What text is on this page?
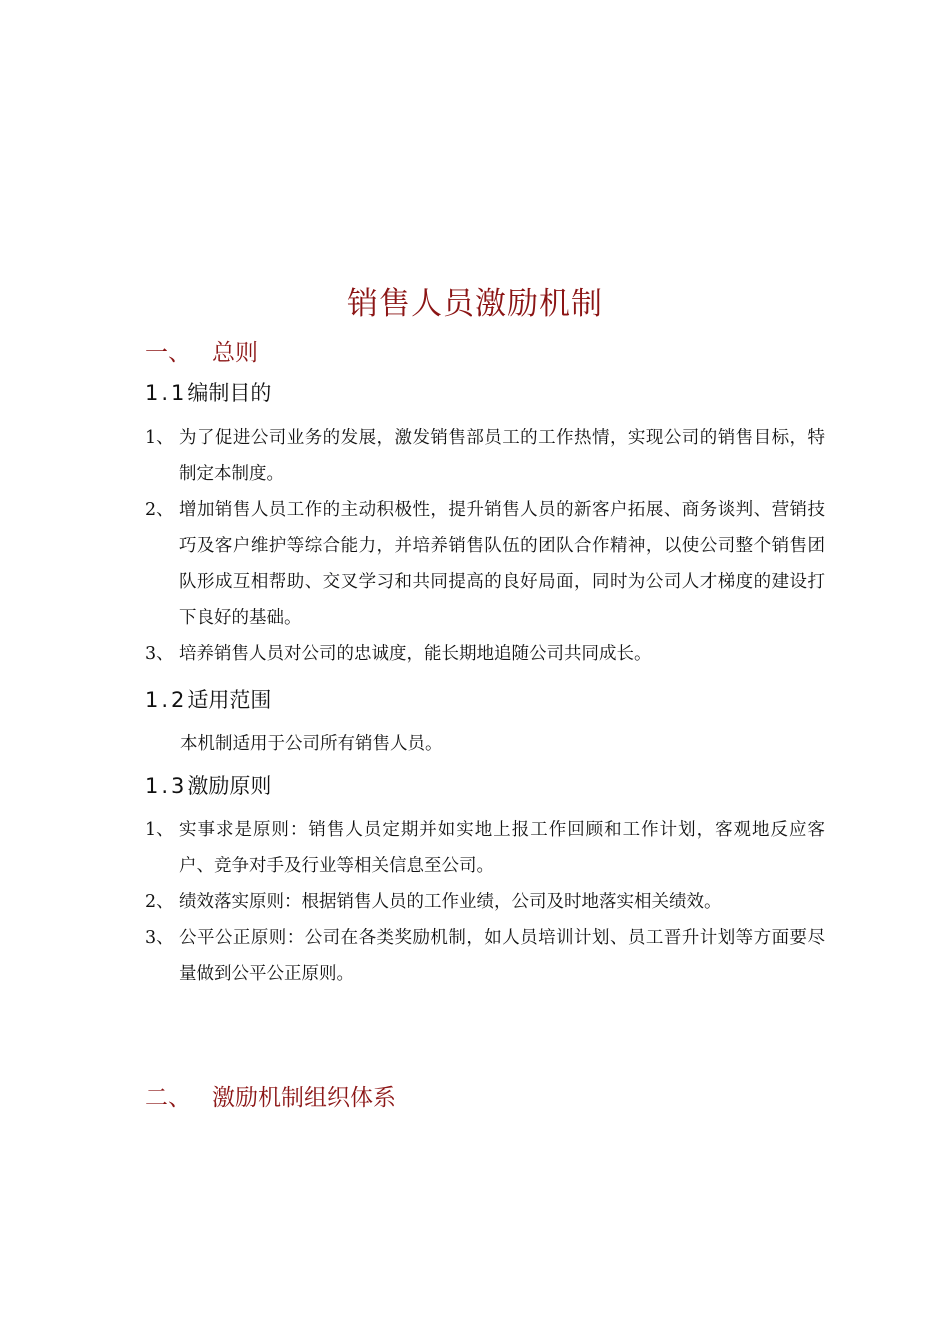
销售人员激励机制
一、 总则
1.1编制目的
1、 为了促进公司业务的发展，激发销售部员工的工作热情，实现公司的销售目标，特制定本制度。
2、 增加销售人员工作的主动积极性，提升销售人员的新客户拓展、商务谈判、营销技巧及客户维护等综合能力，并培养销售队伍的团队合作精神，以使公司整个销售团队形成互相帮助、交叉学习和共同提高的良好局面，同时为公司人才梯度的建设打下良好的基础。
3、 培养销售人员对公司的忠诚度，能长期地追随公司共同成长。
1.2适用范围

本机制适用于公司所有销售人员。

1.3激励原则
1、 实事求是原则：销售人员定期并如实地上报工作回顾和工作计划，客观地反应客户、竞争对手及行业等相关信息至公司。
2、 绩效落实原则：根据销售人员的工作业绩，公司及时地落实相关绩效。
3、 公平公正原则：公司在各类奖励机制，如人员培训计划、员工晋升计划等方面要尽量做到公平公正原则。
二、 激励机制组织体系
